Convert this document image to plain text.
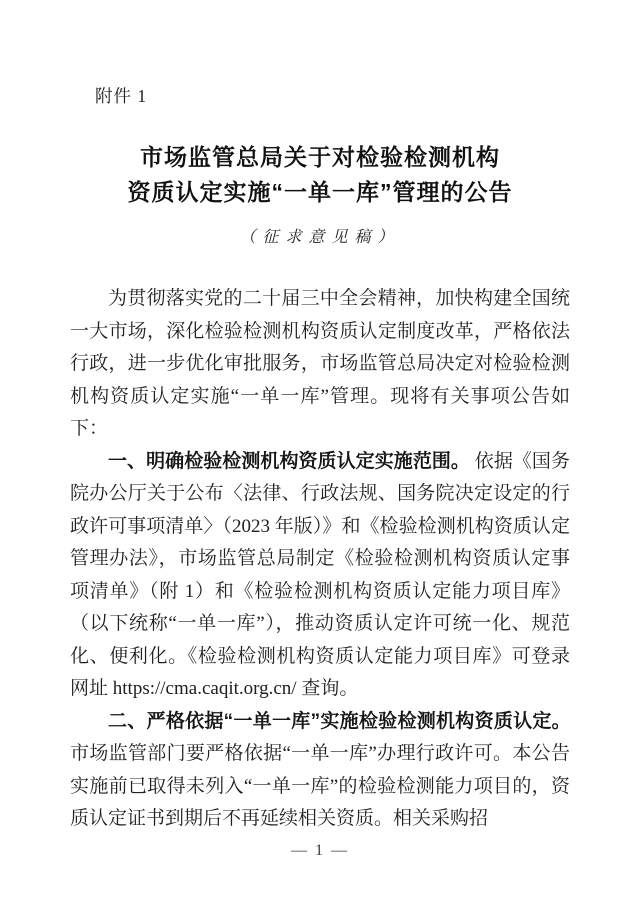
附件 1
市场监管总局关于对检验检测机构
资质认定实施“一单一库”管理的公告
（征求意见稿）

为贯彻落实党的二十届三中全会精神，加快构建全国统一大市场，深化检验检测机构资质认定制度改革，严格依法行政，进一步优化审批服务，市场监管总局决定对检验检测机构资质认定实施“一单一库”管理。现将有关事项公告如下：

一、明确检验检测机构资质认定实施范围。 依据《国务院办公厅关于公布〈法律、行政法规、国务院决定设定的行政许可事项清单〉（2023 年版）》和《检验检测机构资质认定管理办法》，市场监管总局制定《检验检测机构资质认定事项清单》（附 1）和《检验检测机构资质认定能力项目库》（以下统称“一单一库”），推动资质认定许可统一化、规范化、便利化。《检验检测机构资质认定能力项目库》可登录网址 https://cma.caqit.org.cn/ 查询。

二、严格依据“一单一库”实施检验检测机构资质认定。 市场监管部门要严格依据“一单一库”办理行政许可。本公告实施前已取得未列入“一单一库”的检验检测能力项目的，资质认定证书到期后不再延续相关资质。相关采购招

— 1 —
